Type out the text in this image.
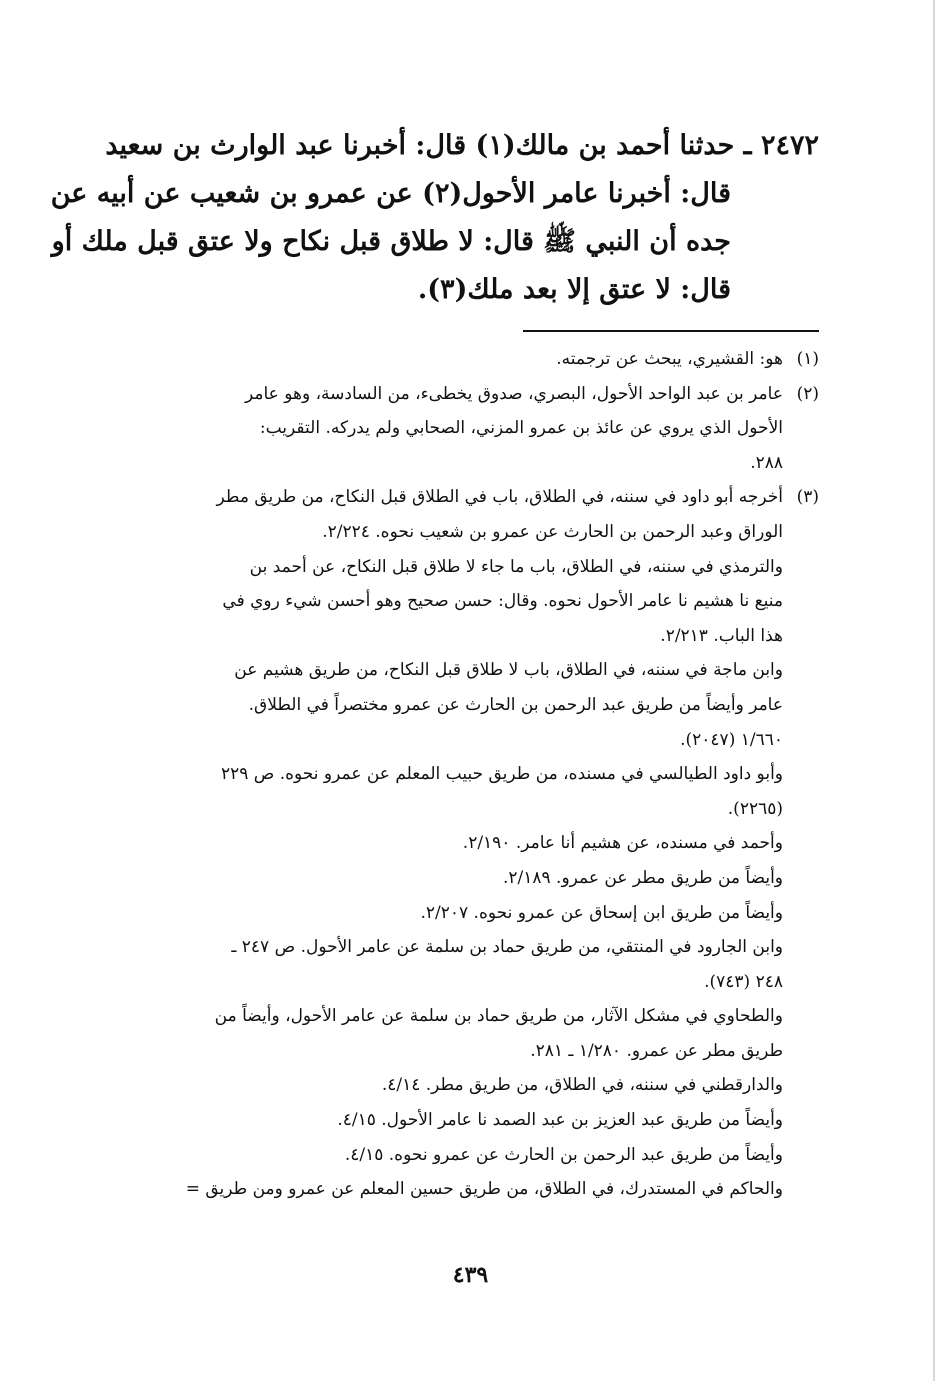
٢٤٧٢ ـ حدثنا أحمد بن مالك(١) قال: أخبرنا عبد الوارث بن سعيد
قال: أخبرنا عامر الأحول(٢) عن عمرو بن شعيب عن أبيه عن
جده أن النبي ﷺ قال: لا طلاق قبل نكاح ولا عتق قبل ملك أو
قال: لا عتق إلا بعد ملك(٣).
(١)هو: القشيري، يبحث عن ترجمته.
(٢)عامر بن عبد الواحد الأحول، البصري، صدوق يخطىء، من السادسة، وهو عامر
الأحول الذي يروي عن عائذ بن عمرو المزني، الصحابي ولم يدركه. التقريب:
٢٨٨.
(٣)أخرجه أبو داود في سننه، في الطلاق، باب في الطلاق قبل النكاح، من طريق مطر
الوراق وعبد الرحمن بن الحارث عن عمرو بن شعيب نحوه. ٢/٢٢٤.
والترمذي في سننه، في الطلاق، باب ما جاء لا طلاق قبل النكاح، عن أحمد بن
منيع نا هشيم نا عامر الأحول نحوه. وقال: حسن صحيح وهو أحسن شيء روي في
هذا الباب. ٢/٢١٣.
وابن ماجة في سننه، في الطلاق، باب لا طلاق قبل النكاح، من طريق هشيم عن
عامر وأيضاً من طريق عبد الرحمن بن الحارث عن عمرو مختصراً في الطلاق.
١/٦٦٠ (٢٠٤٧).
وأبو داود الطيالسي في مسنده، من طريق حبيب المعلم عن عمرو نحوه. ص ٢٢٩
(٢٢٦٥).
وأحمد في مسنده، عن هشيم أنا عامر. ٢/١٩٠.
وأيضاً من طريق مطر عن عمرو. ٢/١٨٩.
وأيضاً من طريق ابن إسحاق عن عمرو نحوه. ٢/٢٠٧.
وابن الجارود في المنتقي، من طريق حماد بن سلمة عن عامر الأحول. ص ٢٤٧ ـ
٢٤٨ (٧٤٣).
والطحاوي في مشكل الآثار، من طريق حماد بن سلمة عن عامر الأحول، وأيضاً من
طريق مطر عن عمرو. ١/٢٨٠ ـ ٢٨١.
والدارقطني في سننه، في الطلاق، من طريق مطر. ٤/١٤.
وأيضاً من طريق عبد العزيز بن عبد الصمد نا عامر الأحول. ٤/١٥.
وأيضاً من طريق عبد الرحمن بن الحارث عن عمرو نحوه. ٤/١٥.
والحاكم في المستدرك، في الطلاق، من طريق حسين المعلم عن عمرو ومن طريق =
٤٣٩
